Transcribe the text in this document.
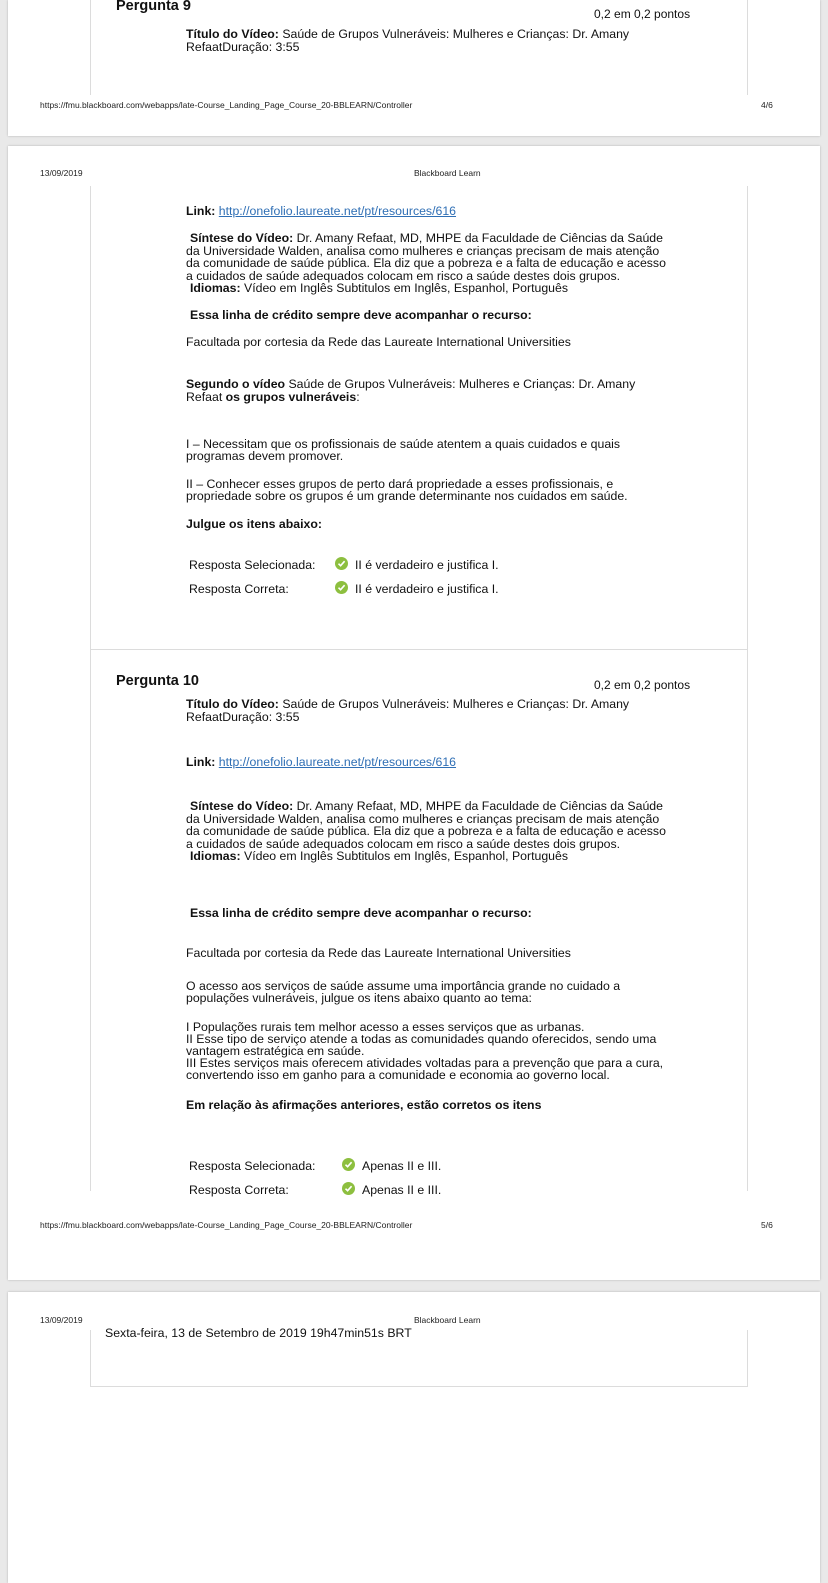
Pergunta 9	0,2 em 0,2 pontos
Título do Vídeo: Saúde de Grupos Vulneráveis: Mulheres e Crianças: Dr. Amany
RefaatDuração: 3:55
https://fmu.blackboard.com/webapps/late-Course_Landing_Page_Course_20-BBLEARN/Controller	4/6
13/09/2019	Blackboard Learn
Link: http://onefolio.laureate.net/pt/resources/616
Síntese do Vídeo: Dr. Amany Refaat, MD, MHPE da Faculdade de Ciências da Saúde
da Universidade Walden, analisa como mulheres e crianças precisam de mais atenção
da comunidade de saúde pública. Ela diz que a pobreza e a falta de educação e acesso
a cuidados de saúde adequados colocam em risco a saúde destes dois grupos.
Idiomas: Vídeo em Inglês Subtitulos em Inglês, Espanhol, Português
Essa linha de crédito sempre deve acompanhar o recurso:
Facultada por cortesia da Rede das Laureate International Universities
Segundo o vídeo Saúde de Grupos Vulneráveis: Mulheres e Crianças: Dr. Amany
Refaat os grupos vulneráveis:
I – Necessitam que os profissionais de saúde atentem a quais cuidados e quais
programas devem promover.
II – Conhecer esses grupos de perto dará propriedade a esses profissionais, e
propriedade sobre os grupos é um grande determinante nos cuidados em saúde.
Julgue os itens abaixo:
Resposta Selecionada:	II é verdadeiro e justifica I.
Resposta Correta:	II é verdadeiro e justifica I.
Pergunta 10	0,2 em 0,2 pontos
Título do Vídeo: Saúde de Grupos Vulneráveis: Mulheres e Crianças: Dr. Amany
RefaatDuração: 3:55
Link: http://onefolio.laureate.net/pt/resources/616
Síntese do Vídeo: Dr. Amany Refaat, MD, MHPE da Faculdade de Ciências da Saúde
da Universidade Walden, analisa como mulheres e crianças precisam de mais atenção
da comunidade de saúde pública. Ela diz que a pobreza e a falta de educação e acesso
a cuidados de saúde adequados colocam em risco a saúde destes dois grupos.
Idiomas: Vídeo em Inglês Subtitulos em Inglês, Espanhol, Português
Essa linha de crédito sempre deve acompanhar o recurso:
Facultada por cortesia da Rede das Laureate International Universities
O acesso aos serviços de saúde assume uma importância grande no cuidado a
populações vulneráveis, julgue os itens abaixo quanto ao tema:
I Populações rurais tem melhor acesso a esses serviços que as urbanas.
II Esse tipo de serviço atende a todas as comunidades quando oferecidos, sendo uma
vantagem estratégica em saúde.
III Estes serviços mais oferecem atividades voltadas para a prevenção que para a cura,
convertendo isso em ganho para a comunidade e economia ao governo local.
Em relação às afirmações anteriores, estão corretos os itens
Resposta Selecionada:	Apenas II e III.
Resposta Correta:	Apenas II e III.
https://fmu.blackboard.com/webapps/late-Course_Landing_Page_Course_20-BBLEARN/Controller	5/6
13/09/2019	Blackboard Learn
Sexta-feira, 13 de Setembro de 2019 19h47min51s BRT
